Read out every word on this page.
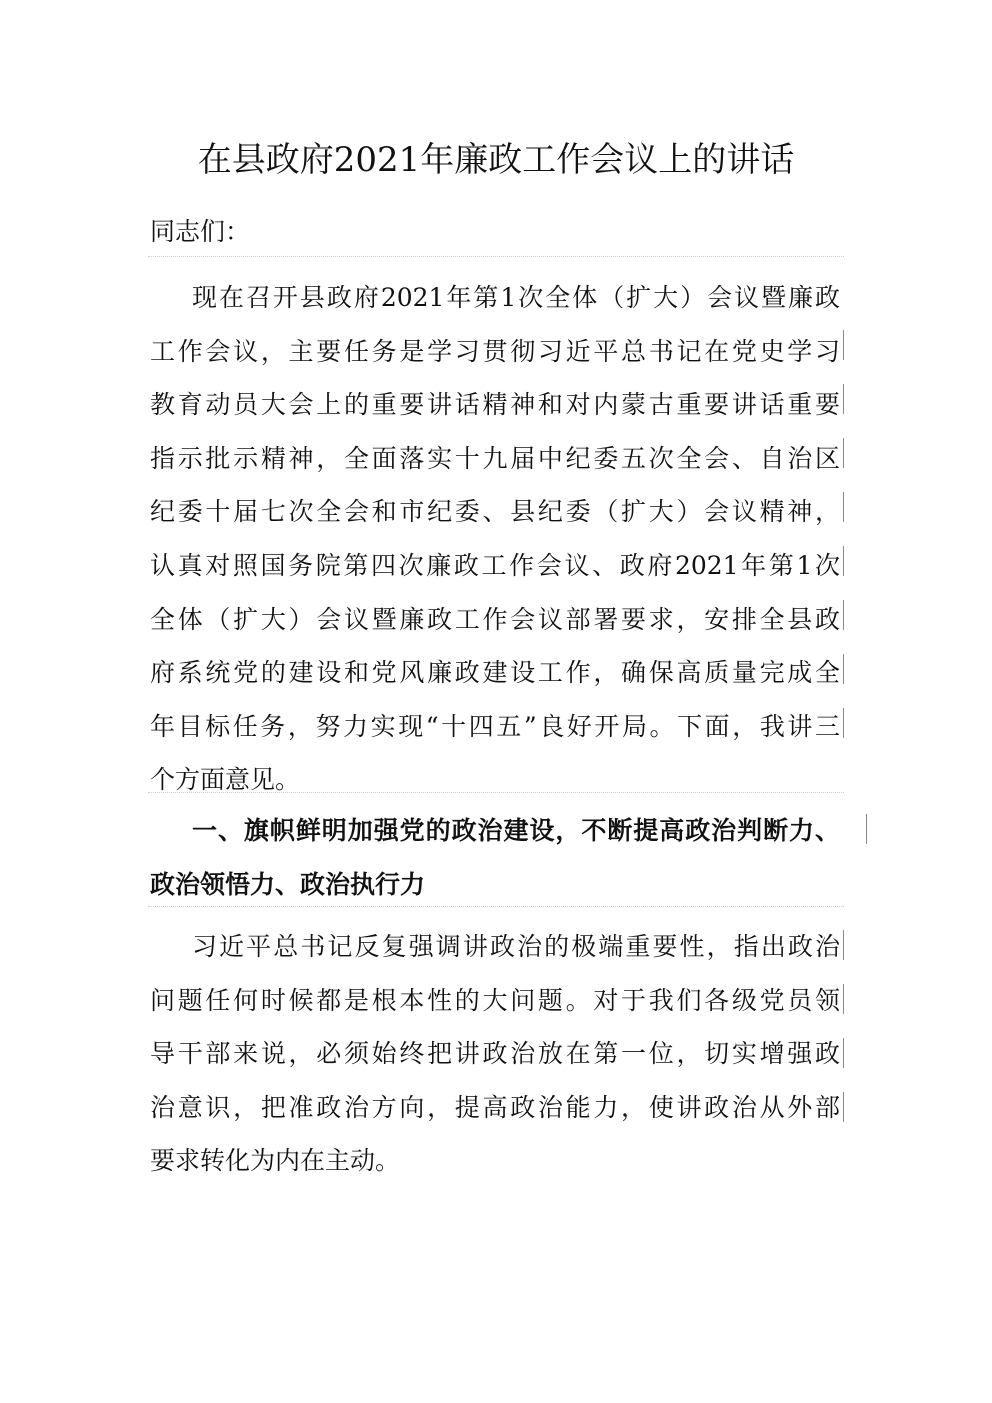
在县政府2021年廉政工作会议上的讲话
同志们：
现在召开县政府2021年第1次全体（扩大）会议暨廉政
工作会议，主要任务是学习贯彻习近平总书记在党史学习
教育动员大会上的重要讲话精神和对内蒙古重要讲话重要
指示批示精神，全面落实十九届中纪委五次全会、自治区
纪委十届七次全会和市纪委、县纪委（扩大）会议精神，
认真对照国务院第四次廉政工作会议、政府2021年第1次
全体（扩大）会议暨廉政工作会议部署要求，安排全县政
府系统党的建设和党风廉政建设工作，确保高质量完成全
年目标任务，努力实现“十四五”良好开局。下面，我讲三
个方面意见。
一、旗帜鲜明加强党的政治建设，不断提高政治判断力、
政治领悟力、政治执行力
习近平总书记反复强调讲政治的极端重要性，指出政治
问题任何时候都是根本性的大问题。对于我们各级党员领
导干部来说，必须始终把讲政治放在第一位，切实增强政
治意识，把准政治方向，提高政治能力，使讲政治从外部
要求转化为内在主动。
